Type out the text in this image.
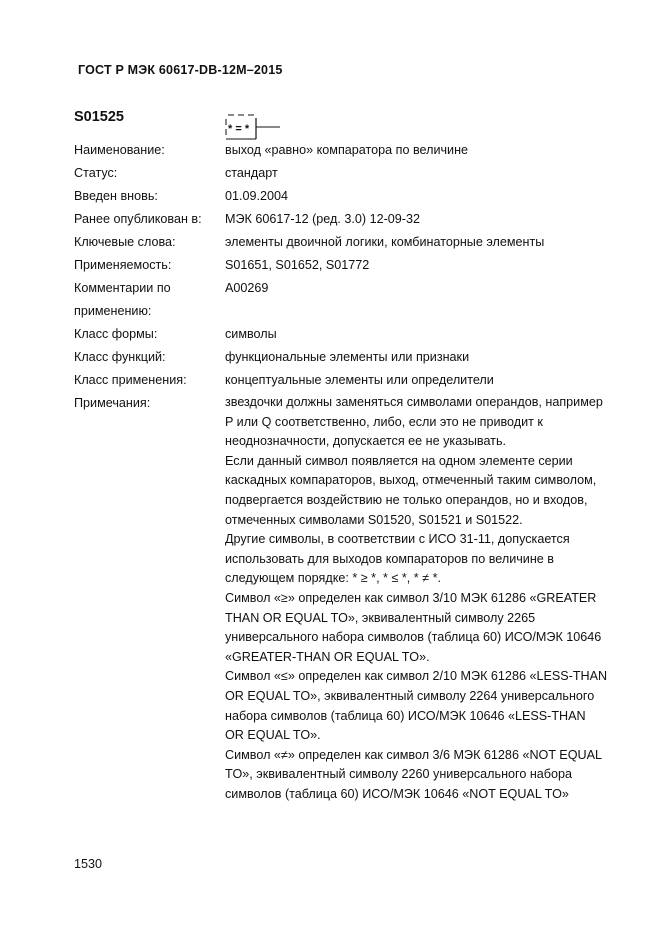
ГОСТ Р МЭК 60617-DB-12M–2015
S01525
* = *
Наименование:	выход «равно» компаратора по величине
Статус:	стандарт
Введен вновь:	01.09.2004
Ранее опубликован в:	МЭК 60617-12 (ред. 3.0) 12-09-32
Ключевые слова:	элементы двоичной логики, комбинаторные элементы
Применяемость:	S01651, S01652, S01772
Комментарии по	A00269
применению:
Класс формы:	символы
Класс функций:	функциональные элементы или признаки
Класс применения:	концептуальные элементы или определители
Примечания:	звездочки должны заменяться символами операндов, например
P или Q соответственно, либо, если это не приводит к
неоднозначности, допускается ее не указывать.

Если данный символ появляется на одном элементе серии
каскадных компараторов, выход, отмеченный таким символом,
подвергается воздействию не только операндов, но и входов,
отмеченных символами S01520, S01521 и S01522.

Другие символы, в соответствии с ИСО 31-11, допускается
использовать для выходов компараторов по величине в
следующем порядке: * ≥ *, * ≤ *, * ≠ *.

Символ «≥» определен как символ 3/10 МЭК 61286 «GREATER
THAN OR EQUAL TO», эквивалентный символу 2265
универсального набора символов (таблица 60) ИСО/МЭК 10646
«GREATER-THAN OR EQUAL TO».

Символ «≤» определен как символ 2/10 МЭК 61286 «LESS-THAN
OR EQUAL TO», эквивалентный символу 2264 универсального
набора символов (таблица 60) ИСО/МЭК 10646 «LESS-THAN
OR EQUAL TO».

Символ «≠» определен как символ 3/6 МЭК 61286 «NOT EQUAL
TO», эквивалентный символу 2260 универсального набора
символов (таблица 60) ИСО/МЭК 10646 «NOT EQUAL TO»

1530
